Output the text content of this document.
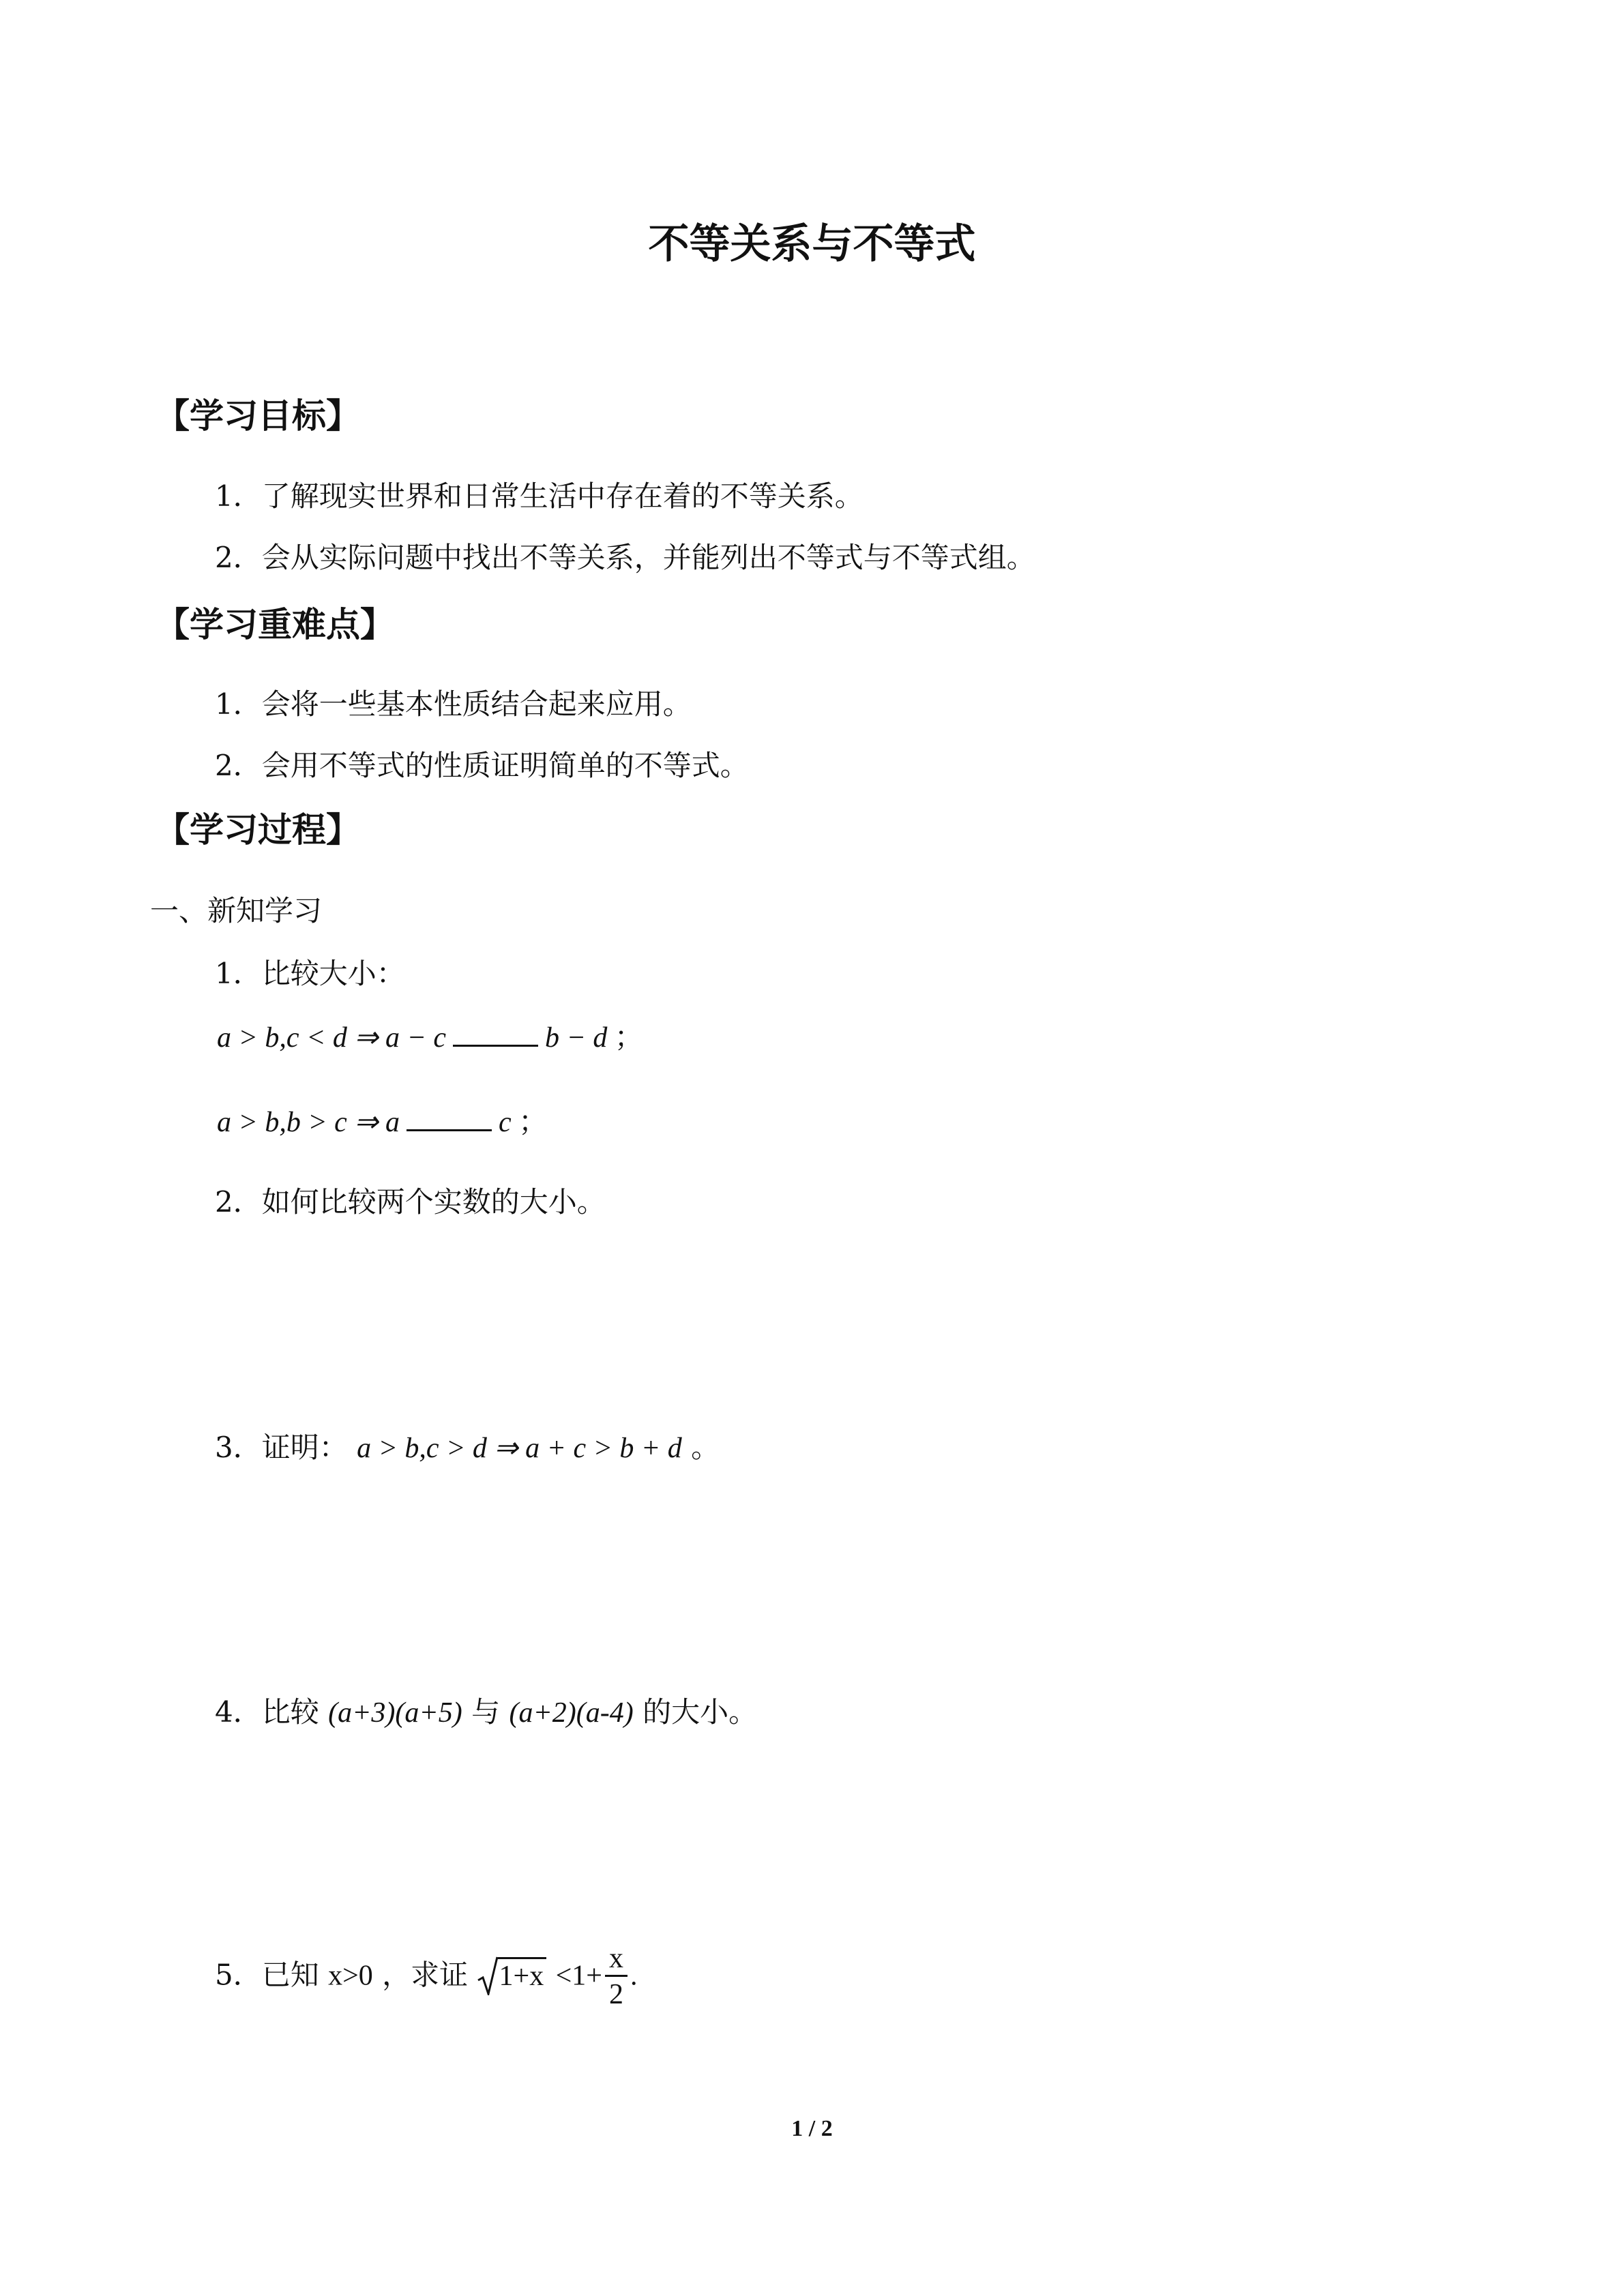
不等关系与不等式
【学习目标】
1．了解现实世界和日常生活中存在着的不等关系。
2．会从实际问题中找出不等关系，并能列出不等式与不等式组。
【学习重难点】
1．会将一些基本性质结合起来应用。
2．会用不等式的性质证明简单的不等式。
【学习过程】
一、新知学习
1．比较大小：
a > b,c < d ⇒ a − c	b − d ；
a > b,b > c ⇒ a	c ；
2．如何比较两个实数的大小。
3．证明： a > b,c > d ⇒ a + c > b + d 。
4．比较 (a+3)(a+5) 与 (a+2)(a-4) 的大小。
5．已知 x>0 ，求证 $1+x <1+ \frac{x}{2}$ .
1 / 2
